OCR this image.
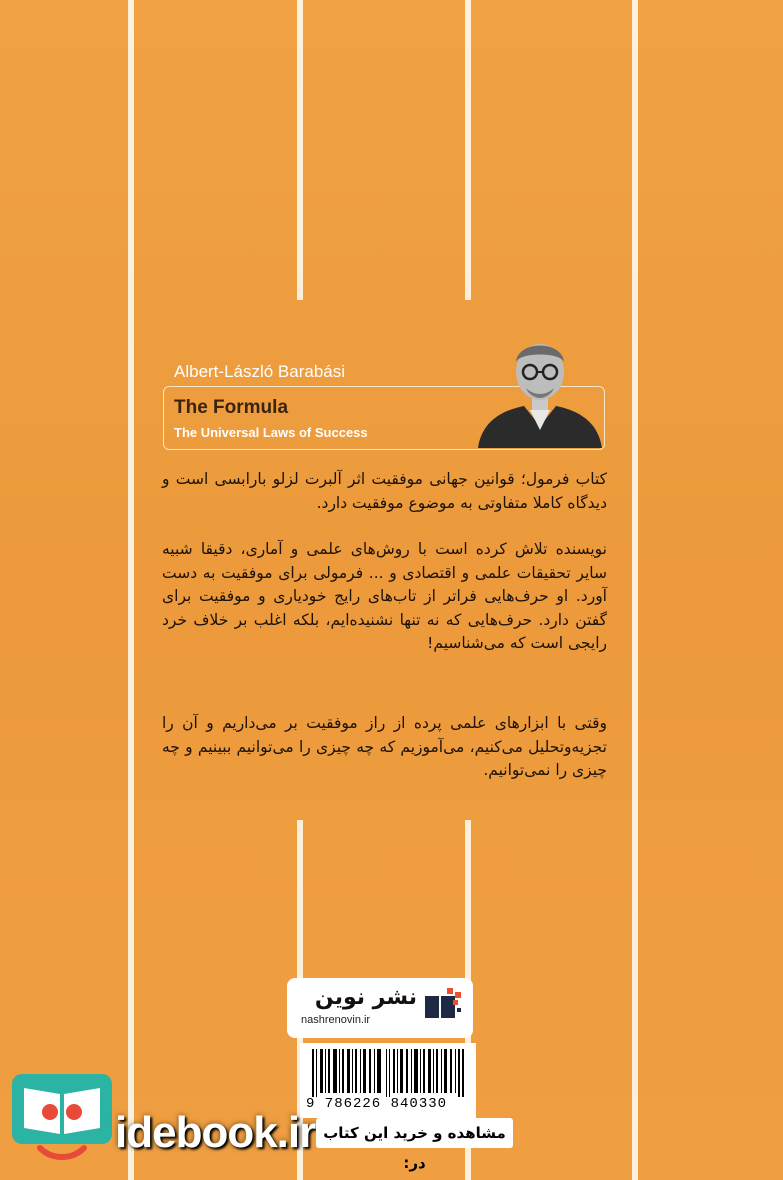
Albert-László Barabási
The Formula
The Universal Laws of Success
کتاب فرمول؛ قوانین جهانی موفقیت اثر آلبرت لزلو بارابسی است و دیدگاه کاملا متفاوتی به موضوع موفقیت دارد.
نویسنده تلاش کرده است با روش‌های علمی و آماری، دقیقا شبیه سایر تحقیقات علمی و اقتصادی و ... فرمولی برای موفقیت به دست آورد. او حرف‌هایی فراتر از تاب‌های رایج خودیاری و موفقیت برای گفتن دارد. حرف‌هایی که نه تنها نشنیده‌ایم، بلکه اغلب بر خلاف خرد رایجی است که می‌شناسیم!
وقتی با ابزارهای علمی پرده از راز موفقیت بر می‌داریم و آن را تجزیه‌وتحلیل می‌کنیم، می‌آموزیم که چه چیزی را می‌توانیم ببینیم و چه چیزی را نمی‌توانیم.
نشر نوین
nashrenovin.ir
9 786226 840330
idebook.ir مشاهده و خرید این کتاب در:
